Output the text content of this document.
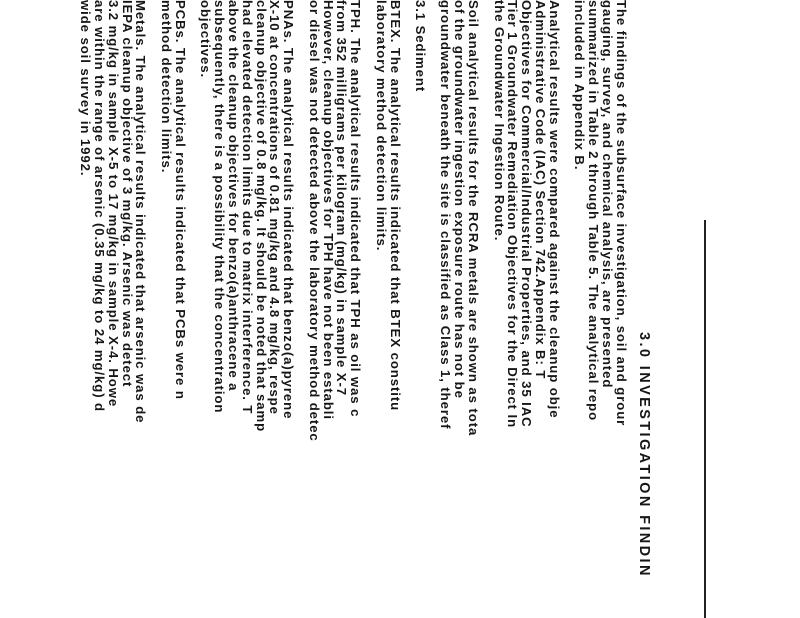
3.0 INVESTIGATION FINDIN
The findings of the subsurface investigation, soil and grour
gauging, survey, and chemical analysis, are presented
summarized in Table 2 through Table 5. The analytical repo
included in Appendix B.
Analytical results were compared against the cleanup obje
Administrative Code (IAC) Section 742.Appendix B: T
Objectives for Commercial/Industrial Properties, and 35 IAC
Tier 1 Groundwater Remediation Objectives for the Direct In
the Groundwater Ingestion Route.
Soil analytical results for the RCRA metals are shown as tota
of the groundwater ingestion exposure route has not be
groundwater beneath the site is classified as Class 1, theref
3.1 Sediment
BTEX. The analytical results indicated that BTEX constitu
laboratory method detection limits.
TPH. The analytical results indicated that TPH as oil was c
from 352 milligrams per kilogram (mg/kg) in sample X-7
However, cleanup objectives for TPH have not been establi
or diesel was not detected above the laboratory method detec
PNAs. The analytical results indicated that benzo(a)pyrene
X-10 at concentrations of 0.81 mg/kg and 4.8 mg/kg, respe
cleanup objective of 0.8 mg/kg. It should be noted that samp
had elevated detection limits due to matrix interference. T
above the cleanup objectives for benzo(a)anthracene a
subsequently, there is a possibility that the concentration
objectives.
PCBs. The analytical results indicated that PCBs were n
method detection limits.
Metals. The analytical results indicated that arsenic was de
IEPA cleanup objective of 3 mg/kg. Arsenic was detect
3.2 mg/kg in sample X-5 to 17 mg/kg in sample X-4. Howe
are within the range of arsenic (0.35 mg/kg to 24 mg/kg) d
wide soil survey in 1992.
